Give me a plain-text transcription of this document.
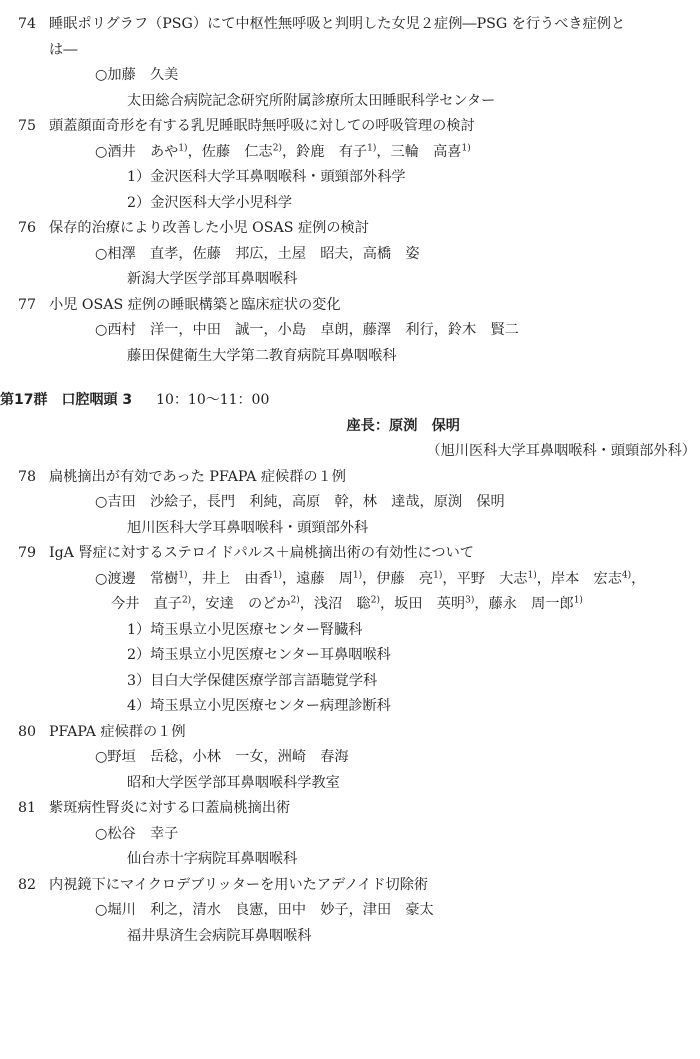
74 睡眠ポリグラフ（PSG）にて中枢性無呼吸と判明した女児２症例―PSG を行うべき症例と
は―
○加藤　久美
太田総合病院記念研究所附属診療所太田睡眠科学センター
75 頭蓋顔面奇形を有する乳児睡眠時無呼吸に対しての呼吸管理の検討
○酒井　あや$^{1)}$，佐藤　仁志$^{2)}$，鈴鹿　有子$^{1)}$，三輪　高喜$^{1)}$
1）金沢医科大学耳鼻咽喉科・頭頸部外科学
2）金沢医科大学小児科学
76 保存的治療により改善した小児 OSAS 症例の検討
○相澤　直孝，佐藤　邦広，土屋　昭夫，高橋　姿
新潟大学医学部耳鼻咽喉科
77 小児 OSAS 症例の睡眠構築と臨床症状の変化
○西村　洋一，中田　誠一，小島　卓朗，藤澤　利行，鈴木　賢二
藤田保健衛生大学第二教育病院耳鼻咽喉科
第17群　口腔咽頭 3 10：10〜11：00
座長：原渕　保明
（旭川医科大学耳鼻咽喉科・頭頸部外科）
78 扁桃摘出が有効であった PFAPA 症候群の１例
○吉田　沙絵子，長門　利純，高原　幹，林　達哉，原渕　保明
旭川医科大学耳鼻咽喉科・頭頸部外科
79 IgA 腎症に対するステロイドパルス＋扁桃摘出術の有効性について
○渡邊　常樹$^{1)}$，井上　由香$^{1)}$，遠藤　周$^{1)}$，伊藤　亮$^{1)}$，平野　大志$^{1)}$，岸本　宏志$^{4)}$，
今井　直子$^{2)}$，安達　のどか$^{2)}$，浅沼　聡$^{2)}$，坂田　英明$^{3)}$，藤永　周一郎$^{1)}$
1）埼玉県立小児医療センター腎臓科
2）埼玉県立小児医療センター耳鼻咽喉科
3）目白大学保健医療学部言語聴覚学科
4）埼玉県立小児医療センター病理診断科
80 PFAPA 症候群の１例
○野垣　岳稔，小林　一女，洲崎　春海
昭和大学医学部耳鼻咽喉科学教室
81 紫斑病性腎炎に対する口蓋扁桃摘出術
○松谷　幸子
仙台赤十字病院耳鼻咽喉科
82 内視鏡下にマイクロデブリッターを用いたアデノイド切除術
○堀川　利之，清水　良憲，田中　妙子，津田　豪太
福井県済生会病院耳鼻咽喉科
